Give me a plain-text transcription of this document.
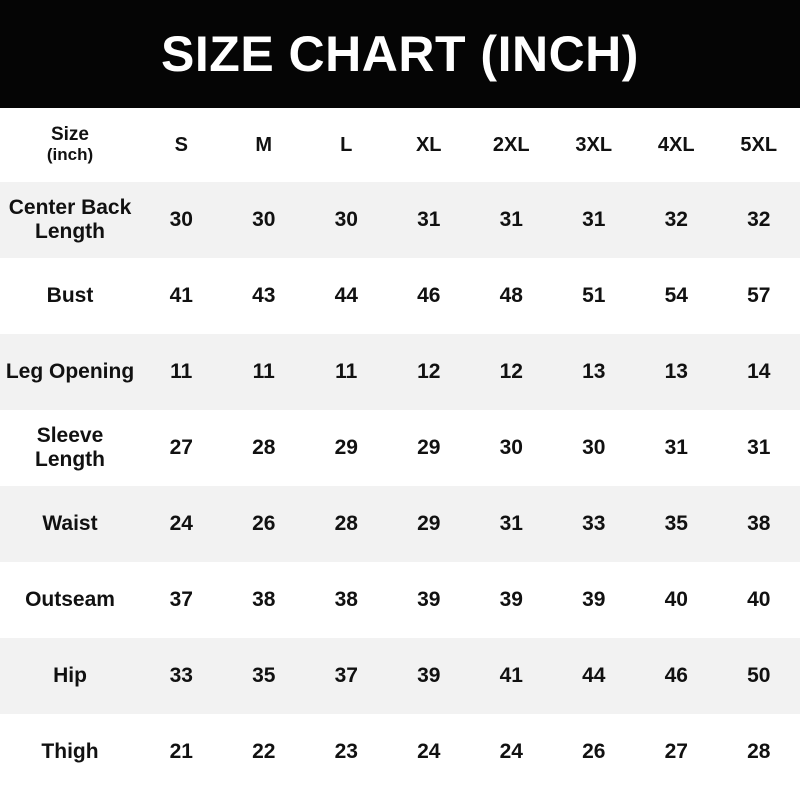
SIZE CHART (INCH)
Size
(inch)	S	M	L	XL	2XL	3XL	4XL	5XL
Center Back Length	30	30	30	31	31	31	32	32
Bust	41	43	44	46	48	51	54	57
Leg Opening	11	11	11	12	12	13	13	14
Sleeve Length	27	28	29	29	30	30	31	31
Waist	24	26	28	29	31	33	35	38
Outseam	37	38	38	39	39	39	40	40
Hip	33	35	37	39	41	44	46	50
Thigh	21	22	23	24	24	26	27	28
